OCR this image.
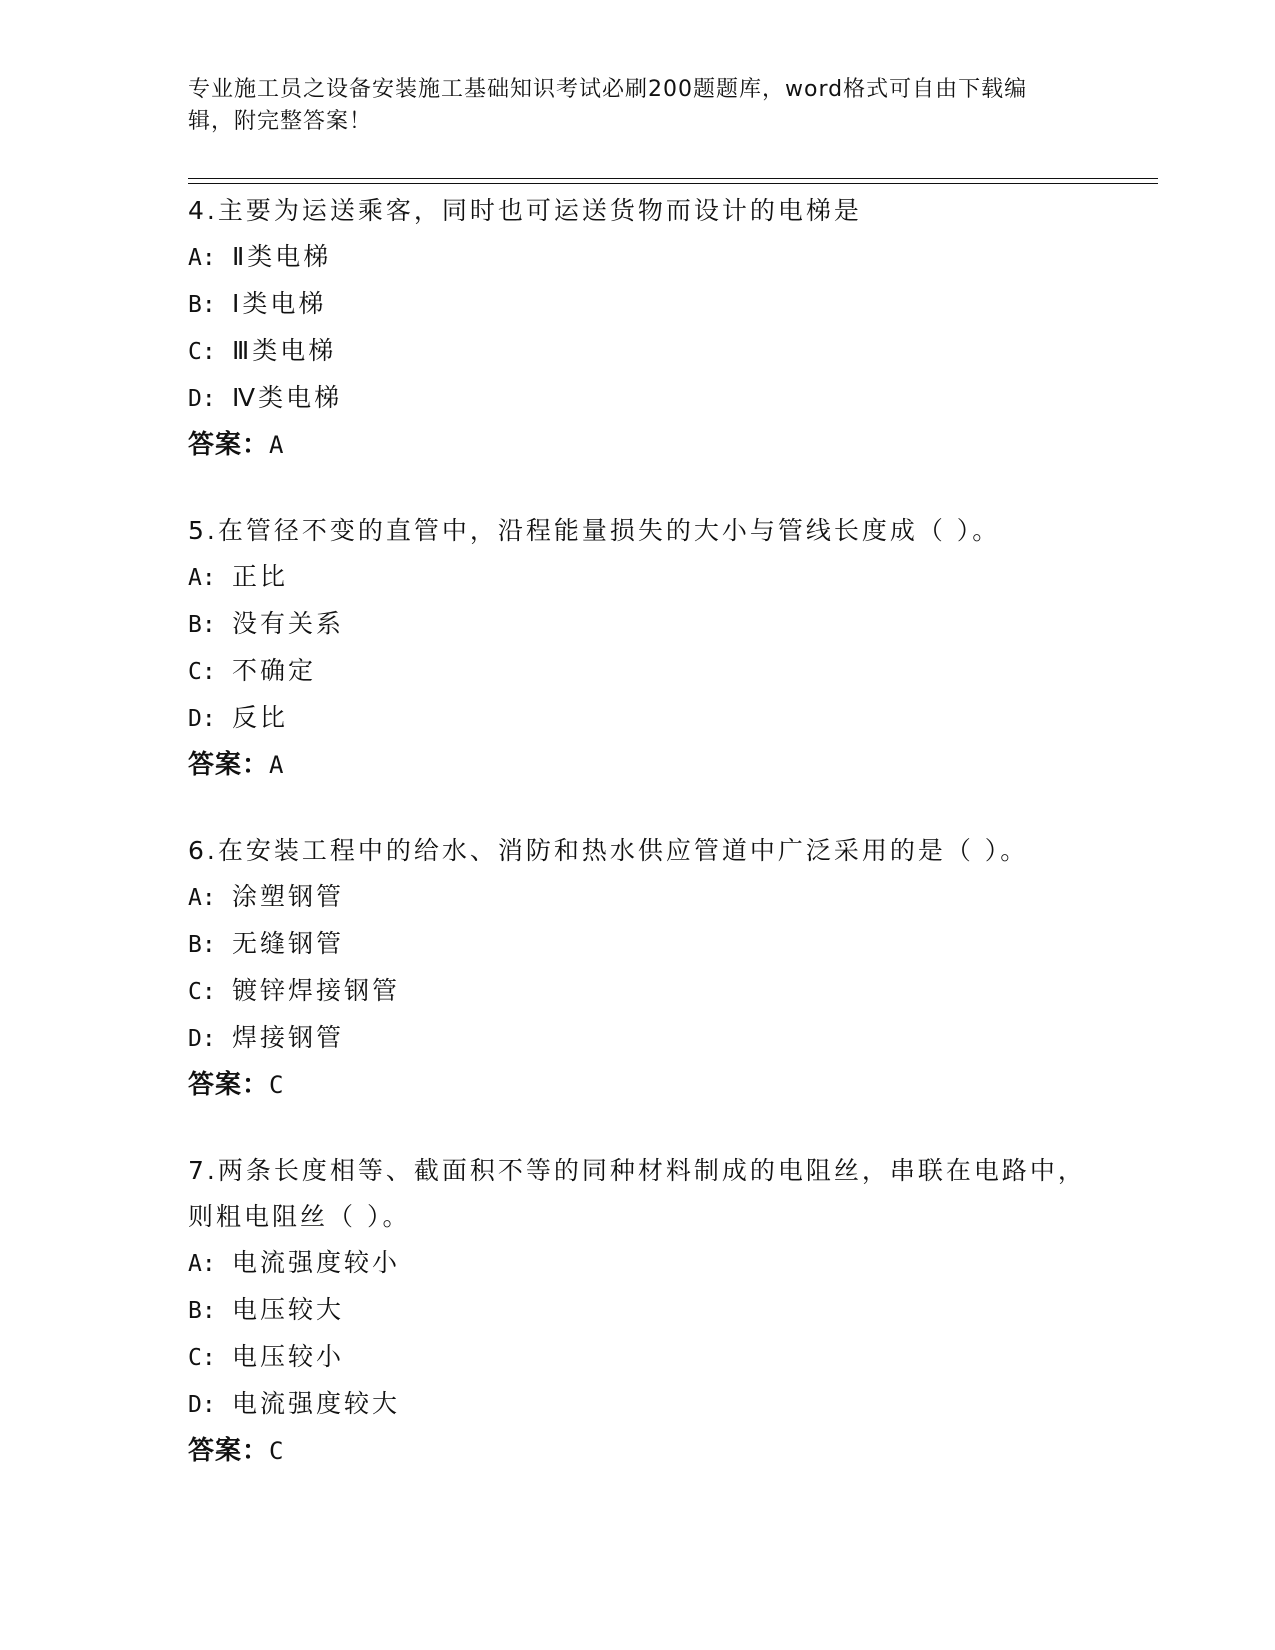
专业施工员之设备安装施工基础知识考试必刷200题题库，word格式可自由下载编辑，附完整答案！

4.主要为运送乘客，同时也可运送货物而设计的电梯是

A: Ⅱ类电梯
B: Ⅰ类电梯
C: Ⅲ类电梯
D: Ⅳ类电梯
答案：A

5.在管径不变的直管中，沿程能量损失的大小与管线长度成（ ）。

A: 正比
B: 没有关系
C: 不确定
D: 反比
答案：A

6.在安装工程中的给水、消防和热水供应管道中广泛采用的是（ ）。

A: 涂塑钢管
B: 无缝钢管
C: 镀锌焊接钢管
D: 焊接钢管
答案：C

7.两条长度相等、截面积不等的同种材料制成的电阻丝，串联在电路中，则粗电阻丝（ ）。

A: 电流强度较小
B: 电压较大
C: 电压较小
D: 电流强度较大
答案：C
